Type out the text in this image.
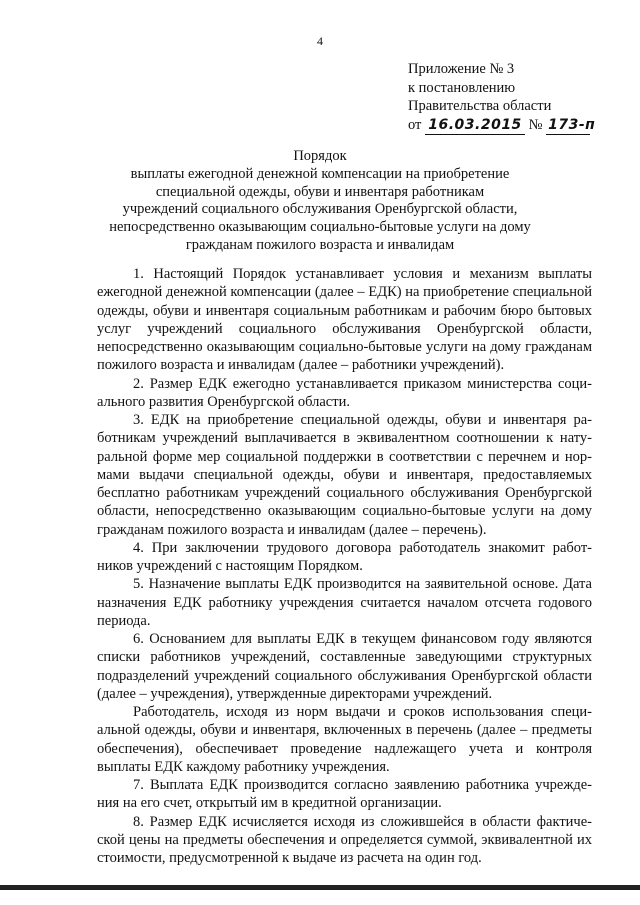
4
Приложение № 3
к постановлению
Правительства области
от 16.03.2015 № 173-п
Порядок
выплаты ежегодной денежной компенсации на приобретение
специальной одежды, обуви и инвентаря работникам
учреждений социального обслуживания Оренбургской области,
непосредственно оказывающим социально-бытовые услуги на дому
гражданам пожилого возраста и инвалидам

1. Настоящий Порядок устанавливает условия и механизм выплаты ежегодной денежной компенсации (далее – ЕДК) на приобретение специальной одежды, обуви и инвентаря социальным работникам и рабочим бюро бытовых услуг учреждений социального обслуживания Оренбургской области, непосредственно оказывающим социально-бытовые услуги на дому гражданам пожилого возраста и инвалидам (далее – работники учреждений).

2. Размер ЕДК ежегодно устанавливается приказом министерства социального развития Оренбургской области.

3. ЕДК на приобретение специальной одежды, обуви и инвентаря работникам учреждений выплачивается в эквивалентном соотношении к натуральной форме мер социальной поддержки в соответствии с перечнем и нормами выдачи специальной одежды, обуви и инвентаря, предоставляемых бесплатно работникам учреждений социального обслуживания Оренбургской области, непосредственно оказывающим социально-бытовые услуги на дому гражданам пожилого возраста и инвалидам (далее – перечень).

4. При заключении трудового договора работодатель знакомит работников учреждений с настоящим Порядком.

5. Назначение выплаты ЕДК производится на заявительной основе. Дата назначения ЕДК работнику учреждения считается началом отсчета годового периода.

6. Основанием для выплаты ЕДК в текущем финансовом году являются списки работников учреждений, составленные заведующими структурных подразделений учреждений социального обслуживания Оренбургской области (далее – учреждения), утвержденные директорами учреждений.

Работодатель, исходя из норм выдачи и сроков использования специальной одежды, обуви и инвентаря, включенных в перечень (далее – предметы обеспечения), обеспечивает проведение надлежащего учета и контроля выплаты ЕДК каждому работнику учреждения.

7. Выплата ЕДК производится согласно заявлению работника учреждения на его счет, открытый им в кредитной организации.

8. Размер ЕДК исчисляется исходя из сложившейся в области фактической цены на предметы обеспечения и определяется суммой, эквивалентной их стоимости, предусмотренной к выдаче из расчета на один год.
